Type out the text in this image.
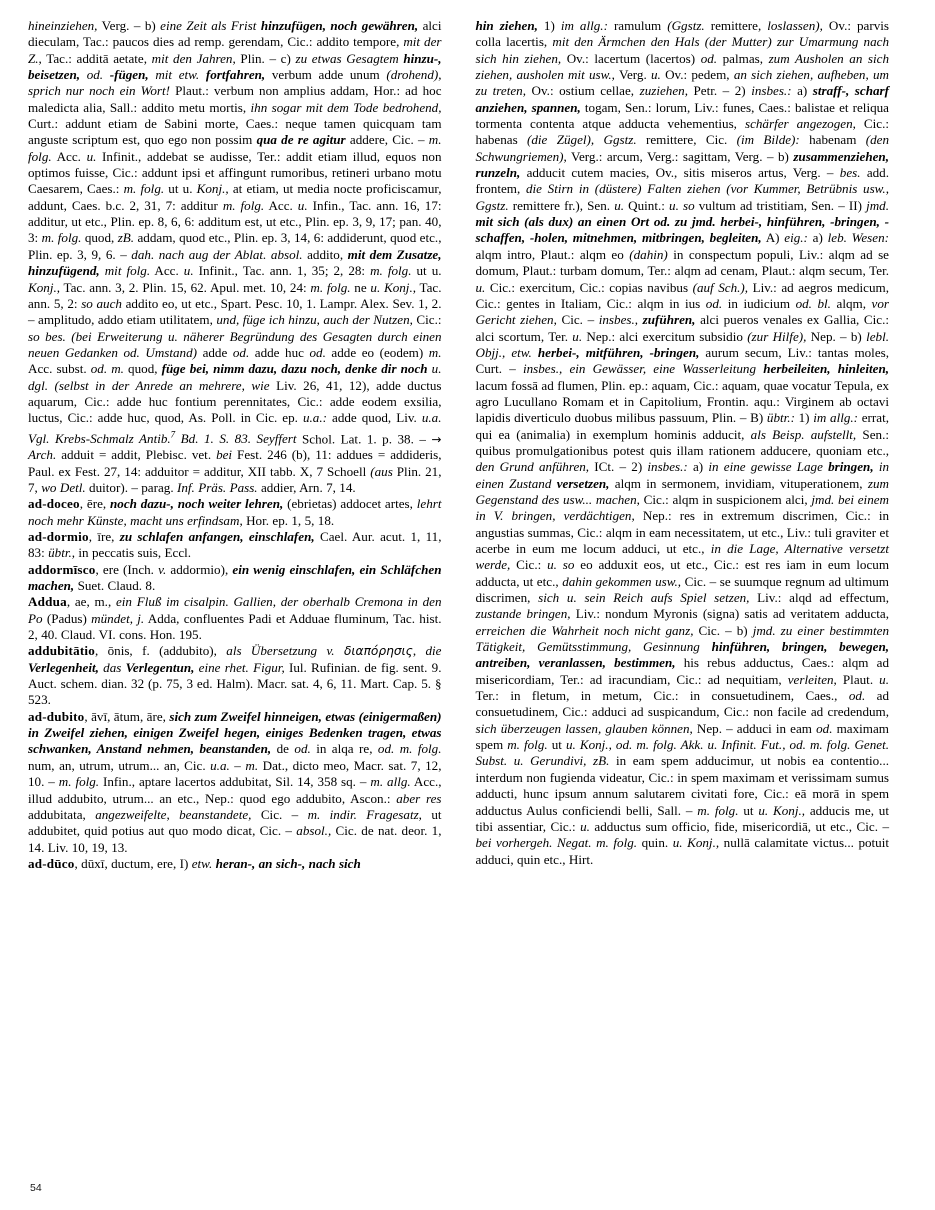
hineinziehen, Verg. – b) eine Zeit als Frist hinzufügen, noch gewähren, alci dieculam, Tac.: paucos dies ad remp. gerendam, Cic.: addito tempore, mit der Z., Tac.: additā aetate, mit den Jahren, Plin. – c) zu etwas Gesagtem hinzu-, beisetzen, od. -fügen, mit etw. fortfahren, verbum adde unum (drohend), sprich nur noch ein Wort! Plaut.: verbum non amplius addam, Hor.: ad hoc maledicta alia, Sall.: addito metu mortis, ihn sogar mit dem Tode bedrohend, Curt.: addunt etiam de Sabini morte, Caes.: neque tamen quicquam tam anguste scriptum est, quo ego non possim qua de re agitur addere, Cic. – m. folg. Acc. u. Infinit., addebat se audisse, Ter.: addit etiam illud, equos non optimos fuisse, Cic.: addunt ipsi et affingunt rumoribus, retineri urbano motu Caesarem, Caes.: m. folg. ut u. Konj., at etiam, ut media nocte proficiscamur, addunt, Caes. b.c. 2, 31, 7: additur m. folg. Acc. u. Infin., Tac. ann. 16, 17: additur, ut etc., Plin. ep. 8, 6, 6: additum est, ut etc., Plin. ep. 3, 9, 17; pan. 40, 3: m. folg. quod, zB. addam, quod etc., Plin. ep. 3, 14, 6: addiderunt, quod etc., Plin. ep. 3, 9, 6. – dah. nach aug der Ablat. absol. addito, mit dem Zusatze, hinzufügend, mit folg. Acc. u. Infinit., Tac. ann. 1, 35; 2, 28: m. folg. ut u. Konj., Tac. ann. 3, 2. Plin. 15, 62. Apul. met. 10, 24: m. folg. ne u. Konj., Tac. ann. 5, 2: so auch addito eo, ut etc., Spart. Pesc. 10, 1. Lampr. Alex. Sev. 1, 2. – amplitudo, addo etiam utilitatem, und, füge ich hinzu, auch der Nutzen, Cic.: so bes. (bei Erweiterung u. näherer Begründung des Gesagten durch einen neuen Gedanken od. Umstand) adde od. adde huc od. adde eo (eodem) m. Acc. subst. od. m. quod, füge bei, nimm dazu, dazu noch, denke dir noch u. dgl. (selbst in der Anrede an mehrere, wie Liv. 26, 41, 12), adde ductus aquarum, Cic.: adde huc fontium perennitates, Cic.: adde eodem exsilia, luctus, Cic.: adde huc, quod, As. Poll. in Cic. ep. u.a.: adde quod, Liv. u.a. Vgl. Krebs-Schmalz Antib.$^7$ Bd. 1. S. 83. Seyffert Schol. Lat. 1. p. 38. – → Arch. adduit = addit, Plebisc. vet. bei Fest. 246 (b), 11: addues = addideris, Paul. ex Fest. 27, 14: adduitor = additur, XII tabb. X, 7 Schoell (aus Plin. 21, 7, wo Detl. duitor). – parag. Inf. Präs. Pass. addier, Arn. 7, 14.

ad-doceo, ēre, noch dazu-, noch weiter lehren, (ebrietas) addocet artes, lehrt noch mehr Künste, macht uns erfindsam, Hor. ep. 1, 5, 18.

ad-dormio, īre, zu schlafen anfangen, einschlafen, Cael. Aur. acut. 1, 11, 83: übtr., in peccatis suis, Eccl.

addormīsco, ere (Inch. v. addormio), ein wenig einschlafen, ein Schläfchen machen, Suet. Claud. 8.

Addua, ae, m., ein Fluß im cisalpin. Gallien, der oberhalb Cremona in den Po (Padus) mündet, j. Adda, confluentes Padi et Adduae fluminum, Tac. hist. 2, 40. Claud. VI. cons. Hon. 195.

addubitātio, ōnis, f. (addubito), als Übersetzung v. διαπόρησις, die Verlegenheit, das Verlegentun, eine rhet. Figur, Iul. Rufinian. de fig. sent. 9. Auct. schem. dian. 32 (p. 75, 3 ed. Halm). Macr. sat. 4, 6, 11. Mart. Cap. 5. § 523.

ad-dubito, āvī, ātum, āre, sich zum Zweifel hinneigen, etwas (einigermaßen) in Zweifel ziehen, einigen Zweifel hegen, einiges Bedenken tragen, etwas schwanken, Anstand nehmen, beanstanden, de od. in alqa re, od. m. folg. num, an, utrum, utrum... an, Cic. u.a. – m. Dat., dicto meo, Macr. sat. 7, 12, 10. – m. folg. Infin., aptare lacertos addubitat, Sil. 14, 358 sq. – m. allg. Acc., illud addubito, utrum... an etc., Nep.: quod ego addubito, Ascon.: aber res addubitata, angezweifelte, beanstandete, Cic. – m. indir. Fragesatz, ut addubitet, quid potius aut quo modo dicat, Cic. – absol., Cic. de nat. deor. 1, 14. Liv. 10, 19, 13.

ad-dūco, dūxī, ductum, ere, I) etw. heran-, an sich-, nach sich

hin ziehen, 1) im allg.: ramulum (Ggstz. remittere, loslassen), Ov.: parvis colla lacertis, mit den Ärmchen den Hals (der Mutter) zur Umarmung nach sich hin ziehen, Ov.: lacertum (lacertos) od. palmas, zum Ausholen an sich ziehen, ausholen mit usw., Verg. u. Ov.: pedem, an sich ziehen, aufheben, um zu treten, Ov.: ostium cellae, zuziehen, Petr. – 2) insbes.: a) straff-, scharf anziehen, spannen, togam, Sen.: lorum, Liv.: funes, Caes.: balistae et reliqua tormenta contenta atque adducta vehementius, schärfer angezogen, Cic.: habenas (die Zügel), Ggstz. remittere, Cic. (im Bilde): habenam (den Schwungriemen), Verg.: arcum, Verg.: sagittam, Verg. – b) zusammenziehen, runzeln, adducit cutem macies, Ov., sitis miseros artus, Verg. – bes. add. frontem, die Stirn in (düstere) Falten ziehen (vor Kummer, Betrübnis usw., Ggstz. remittere fr.), Sen. u. Quint.: u. so vultum ad tristitiam, Sen. – II) jmd. mit sich (als dux) an einen Ort od. zu jmd. herbei-, hinführen, -bringen, -schaffen, -holen, mitnehmen, mitbringen, begleiten, A) eig.: a) leb. Wesen: alqm intro, Plaut.: alqm eo (dahin) in conspectum populi, Liv.: alqm ad se domum, Plaut.: turbam domum, Ter.: alqm ad cenam, Plaut.: alqm secum, Ter. u. Cic.: exercitum, Cic.: copias navibus (auf Sch.), Liv.: ad aegros medicum, Cic.: gentes in Italiam, Cic.: alqm in ius od. in iudicium od. bl. alqm, vor Gericht ziehen, Cic. – insbes., zuführen, alci pueros venales ex Gallia, Cic.: alci scortum, Ter. u. Nep.: alci exercitum subsidio (zur Hilfe), Nep. – b) lebl. Objj., etw. herbei-, mitführen, -bringen, aurum secum, Liv.: tantas moles, Curt. – insbes., ein Gewässer, eine Wasserleitung herbeileiten, hinleiten, lacum fossā ad flumen, Plin. ep.: aquam, Cic.: aquam, quae vocatur Tepula, ex agro Lucullano Romam et in Capitolium, Frontin. aqu.: Virginem ab octavi lapidis diverticulo duobus milibus passuum, Plin. – B) übtr.: 1) im allg.: errat, qui ea (animalia) in exemplum hominis adducit, als Beisp. aufstellt, Sen.: quibus promulgationibus potest quis illam rationem adducere, quoniam etc., den Grund anführen, ICt. – 2) insbes.: a) in eine gewisse Lage bringen, in einen Zustand versetzen, alqm in sermonem, invidiam, vituperationem, zum Gegenstand des usw... machen, Cic.: alqm in suspicionem alci, jmd. bei einem in V. bringen, verdächtigen, Nep.: res in extremum discrimen, Cic.: in angustias summas, Cic.: alqm in eam necessitatem, ut etc., Liv.: tuli graviter et acerbe in eum me locum adduci, ut etc., in die Lage, Alternative versetzt werde, Cic.: u. so eo adduxit eos, ut etc., Cic.: est res iam in eum locum adducta, ut etc., dahin gekommen usw., Cic. – se suumque regnum ad ultimum discrimen, sich u. sein Reich aufs Spiel setzen, Liv.: alqd ad effectum, zustande bringen, Liv.: nondum Myronis (signa) satis ad veritatem adducta, erreichen die Wahrheit noch nicht ganz, Cic. – b) jmd. zu einer bestimmten Tätigkeit, Gemütsstimmung, Gesinnung hinführen, bringen, bewegen, antreiben, veranlassen, bestimmen, his rebus adductus, Caes.: alqm ad misericordiam, Ter.: ad iracundiam, Cic.: ad nequitiam, verleiten, Plaut. u. Ter.: in fletum, in metum, Cic.: in consuetudinem, Caes., od. ad consuetudinem, Cic.: adduci ad suspicandum, Cic.: non facile ad credendum, sich überzeugen lassen, glauben können, Nep. – adduci in eam od. maximam spem m. folg. ut u. Konj., od. m. folg. Akk. u. Infinit. Fut., od. m. folg. Genet. Subst. u. Gerundivi, zB. in eam spem adducimur, ut nobis ea contentio... interdum non fugienda videatur, Cic.: in spem maximam et verissimam sumus adducti, hunc ipsum annum salutarem civitati fore, Cic.: eā morā in spem adductus Aulus conficiendi belli, Sall. – m. folg. ut u. Konj., adducis me, ut tibi assentiar, Cic.: u. adductus sum officio, fide, misericordiā, ut etc., Cic. – bei vorhergeh. Negat. m. folg. quin. u. Konj., nullā calamitate victus... potuit adduci, quin etc., Hirt.

54
